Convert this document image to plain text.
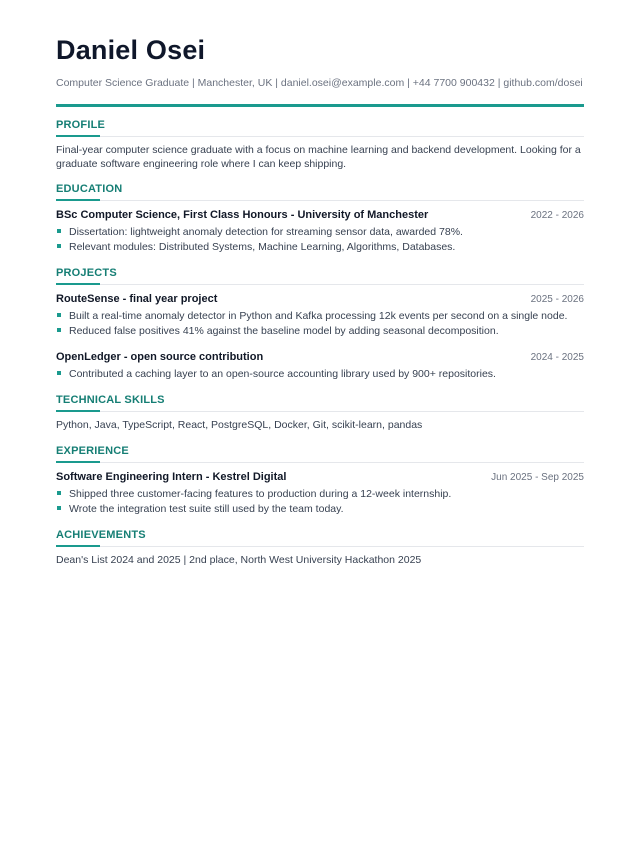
Daniel Osei
Computer Science Graduate | Manchester, UK | daniel.osei@example.com | +44 7700 900432 | github.com/dosei
PROFILE
Final-year computer science graduate with a focus on machine learning and backend development. Looking for a graduate software engineering role where I can keep shipping.
EDUCATION
BSc Computer Science, First Class Honours - University of Manchester	2022 - 2026
Dissertation: lightweight anomaly detection for streaming sensor data, awarded 78%.
Relevant modules: Distributed Systems, Machine Learning, Algorithms, Databases.
PROJECTS
RouteSense - final year project	2025 - 2026
Built a real-time anomaly detector in Python and Kafka processing 12k events per second on a single node.
Reduced false positives 41% against the baseline model by adding seasonal decomposition.
OpenLedger - open source contribution	2024 - 2025
Contributed a caching layer to an open-source accounting library used by 900+ repositories.
TECHNICAL SKILLS
Python, Java, TypeScript, React, PostgreSQL, Docker, Git, scikit-learn, pandas
EXPERIENCE
Software Engineering Intern - Kestrel Digital	Jun 2025 - Sep 2025
Shipped three customer-facing features to production during a 12-week internship.
Wrote the integration test suite still used by the team today.
ACHIEVEMENTS
Dean's List 2024 and 2025 | 2nd place, North West University Hackathon 2025
